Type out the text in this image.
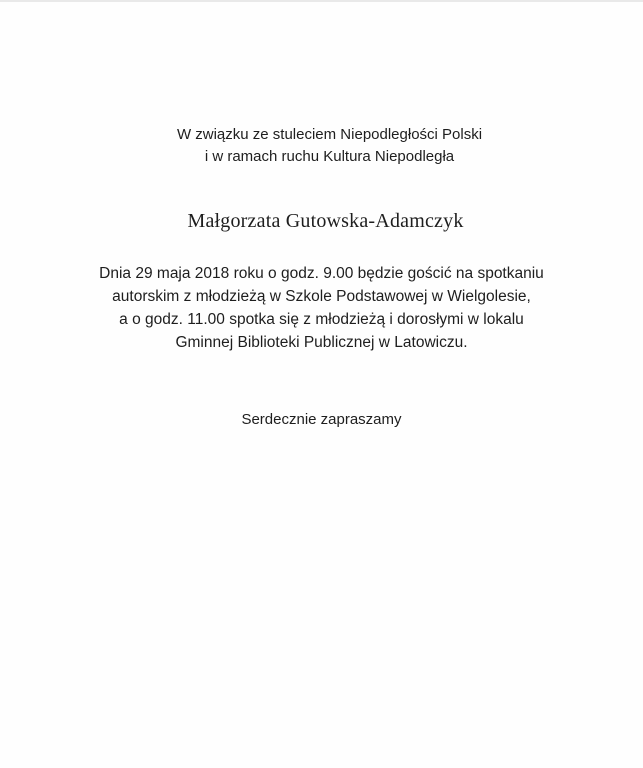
W związku ze stuleciem Niepodległości Polski
i w ramach ruchu Kultura Niepodległa
Małgorzata Gutowska-Adamczyk
Dnia 29 maja 2018 roku o godz. 9.00 będzie gościć na spotkaniu
autorskim z młodzieżą w Szkole Podstawowej w Wielgolesie,
a o godz. 11.00 spotka się z młodzieżą i dorosłymi w lokalu
Gminnej Biblioteki Publicznej w Latowiczu.
Serdecznie zapraszamy
